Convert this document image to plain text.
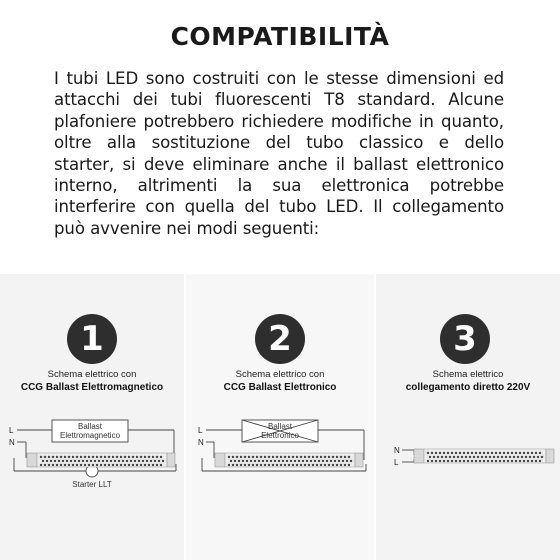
COMPATIBILITÀ
I tubi LED sono costruiti con le stesse dimensioni ed
attacchi dei tubi fluorescenti T8 standard. Alcune
plafoniere potrebbero richiedere modifiche in quanto,
oltre alla sostituzione del tubo classico e dello
starter, si deve eliminare anche il ballast elettronico
interno, altrimenti la sua elettronica potrebbe
interferire con quella del tubo LED. Il collegamento
può avvenire nei modi seguenti:
1
Schema elettrico con
CCG Ballast Elettromagnetico
L
N
Ballast
Elettromagnetico
Starter LLT
2
Schema elettrico con
CCG Ballast Elettronico
L
N
Ballast
Elettronico
3
Schema elettrico
collegamento diretto 220V
N
L
